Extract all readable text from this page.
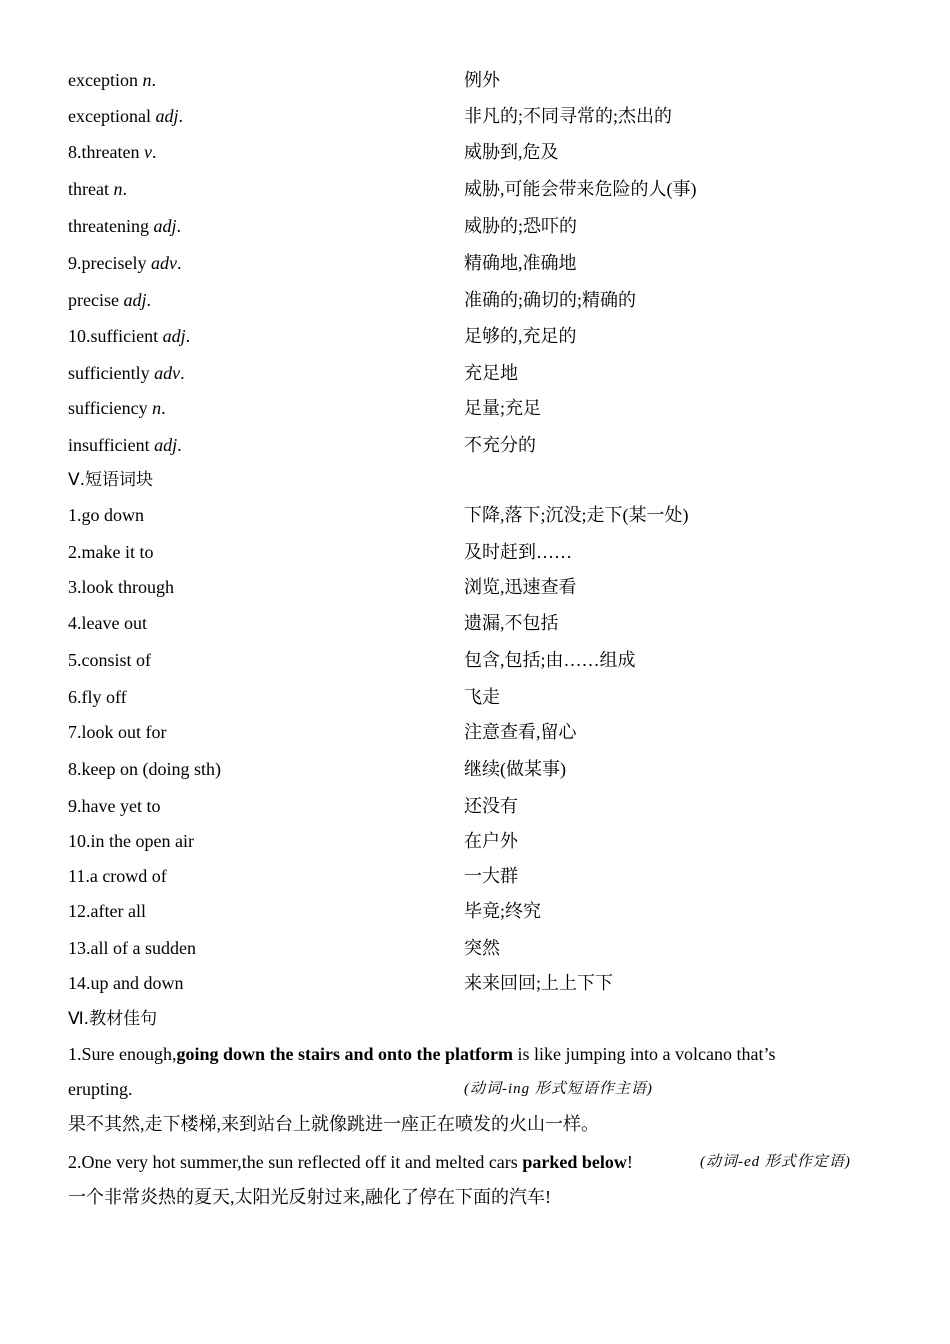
exception n.	例外
exceptional adj.	非凡的;不同寻常的;杰出的
8.threaten v.	威胁到,危及
threat n.	威胁,可能会带来危险的人(事)
threatening adj.	威胁的;恐吓的
9.precisely adv.	精确地,准确地
precise adj.	准确的;确切的;精确的
10.sufficient adj.	足够的,充足的
sufficiently adv.	充足地
sufficiency n.	足量;充足
insufficient adj.	不充分的
Ⅴ.短语词块
1.go down	下降,落下;沉没;走下(某一处)
2.make it to	及时赶到……
3.look through	浏览,迅速查看
4.leave out	遗漏,不包括
5.consist of	包含,包括;由……组成
6.fly off	飞走
7.look out for	注意查看,留心
8.keep on (doing sth)	继续(做某事)
9.have yet to	还没有
10.in the open air	在户外
11.a crowd of	一大群
12.after all	毕竟;终究
13.all of a sudden	突然
14.up and down	来来回回;上上下下
Ⅵ.教材佳句
1.Sure enough,going down the stairs and onto the platform is like jumping into a volcano that’s
erupting.	(动词-ing 形式短语作主语)
果不其然,走下楼梯,来到站台上就像跳进一座正在喷发的火山一样。
2.One very hot summer,the sun reflected off it and melted cars parked below!	(动词-ed 形式作定语)
一个非常炎热的夏天,太阳光反射过来,融化了停在下面的汽车!
